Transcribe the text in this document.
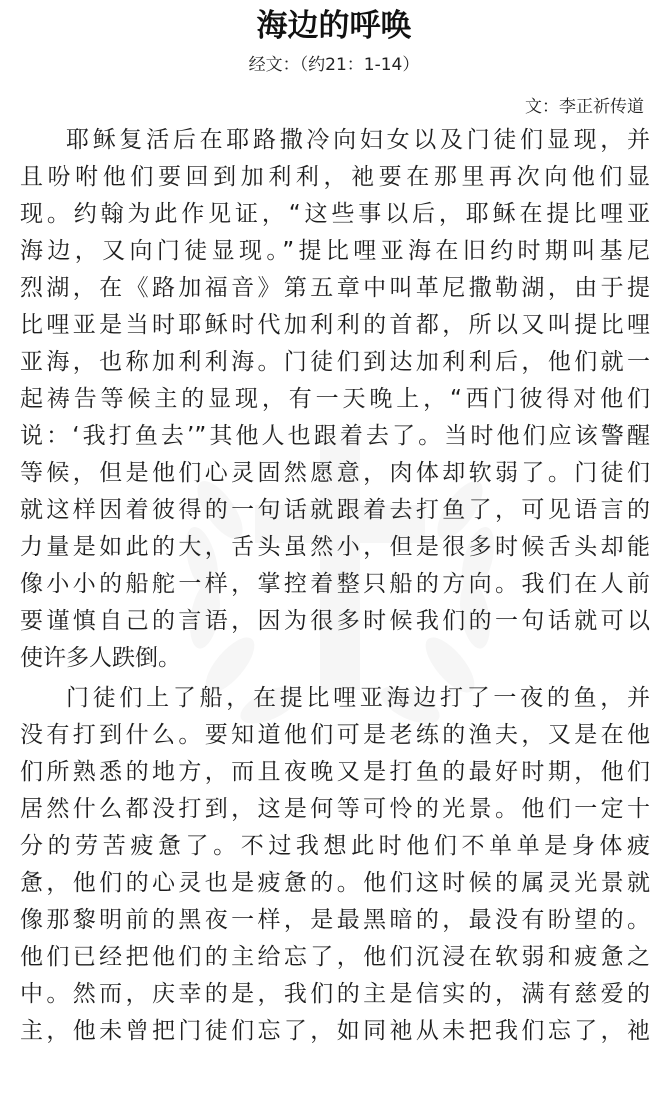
海边的呼唤
经文：（约21：1-14）
文：李正祈传道
耶稣复活后在耶路撒冷向妇女以及门徒们显现，并
且吩咐他们要回到加利利，祂要在那里再次向他们显
现。约翰为此作见证，“这些事以后，耶稣在提比哩亚
海边，又向门徒显现。”提比哩亚海在旧约时期叫基尼
烈湖，在《路加福音》第五章中叫革尼撒勒湖，由于提
比哩亚是当时耶稣时代加利利的首都，所以又叫提比哩
亚海，也称加利利海。门徒们到达加利利后，他们就一
起祷告等候主的显现，有一天晚上，“西门彼得对他们
说：‘我打鱼去’”其他人也跟着去了。当时他们应该警醒
等候，但是他们心灵固然愿意，肉体却软弱了。门徒们
就这样因着彼得的一句话就跟着去打鱼了，可见语言的
力量是如此的大，舌头虽然小，但是很多时候舌头却能
像小小的船舵一样，掌控着整只船的方向。我们在人前
要谨慎自己的言语，因为很多时候我们的一句话就可以
使许多人跌倒。
门徒们上了船，在提比哩亚海边打了一夜的鱼，并
没有打到什么。要知道他们可是老练的渔夫，又是在他
们所熟悉的地方，而且夜晚又是打鱼的最好时期，他们
居然什么都没打到，这是何等可怜的光景。他们一定十
分的劳苦疲惫了。不过我想此时他们不单单是身体疲
惫，他们的心灵也是疲惫的。他们这时候的属灵光景就
像那黎明前的黑夜一样，是最黑暗的，最没有盼望的。
他们已经把他们的主给忘了，他们沉浸在软弱和疲惫之
中。然而，庆幸的是，我们的主是信实的，满有慈爱的
主，他未曾把门徒们忘了，如同祂从未把我们忘了，祂
